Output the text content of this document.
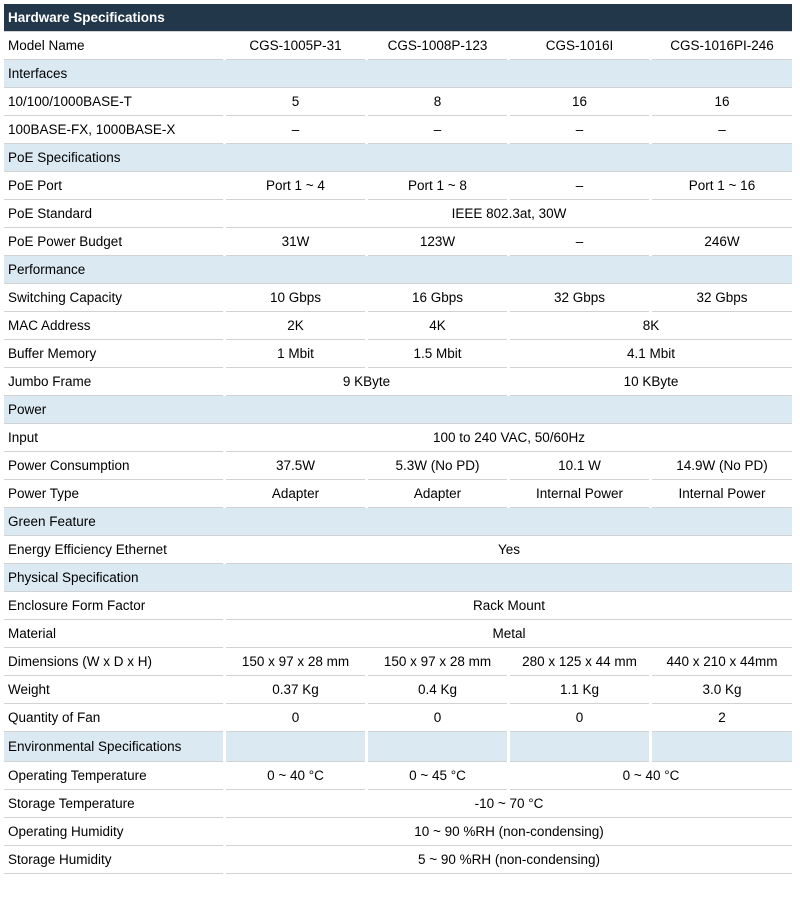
Hardware Specifications				
Model Name	CGS-1005P-31	CGS-1008P-123	CGS-1016I	CGS-1016PI-246
Interfaces				
10/100/1000BASE-T	5	8	16	16
100BASE-FX, 1000BASE-X	–	–	–	–
PoE Specifications				
PoE Port	Port 1 ~ 4	Port 1 ~ 8	–	Port 1 ~ 16
PoE Standard	IEEE 802.3at, 30W			
PoE Power Budget	31W	123W	–	246W
Performance				
Switching Capacity	10 Gbps	16 Gbps	32 Gbps	32 Gbps
MAC Address	2K	4K	8K	
Buffer Memory	1 Mbit	1.5 Mbit	4.1 Mbit	
Jumbo Frame	9 KByte		10 KByte	
Power				
Input	100 to 240 VAC, 50/60Hz			
Power Consumption	37.5W	5.3W (No PD)	10.1 W	14.9W (No PD)
Power Type	Adapter	Adapter	Internal Power	Internal Power
Green Feature				
Energy Efficiency Ethernet	Yes			
Physical Specification				
Enclosure Form Factor	Rack Mount			
Material	Metal			
Dimensions (W x D x H)	150 x 97 x 28 mm	150 x 97 x 28 mm	280 x 125 x 44 mm	440 x 210 x 44mm
Weight	0.37 Kg	0.4 Kg	1.1 Kg	3.0 Kg
Quantity of Fan	0	0	0	2
Environmental Specifications				
Operating Temperature	0 ~ 40 °C	0 ~ 45 °C	0 ~ 40 °C	
Storage Temperature	-10 ~ 70 °C			
Operating Humidity	10 ~ 90 %RH (non-condensing)			
Storage Humidity	5 ~ 90 %RH (non-condensing)			
